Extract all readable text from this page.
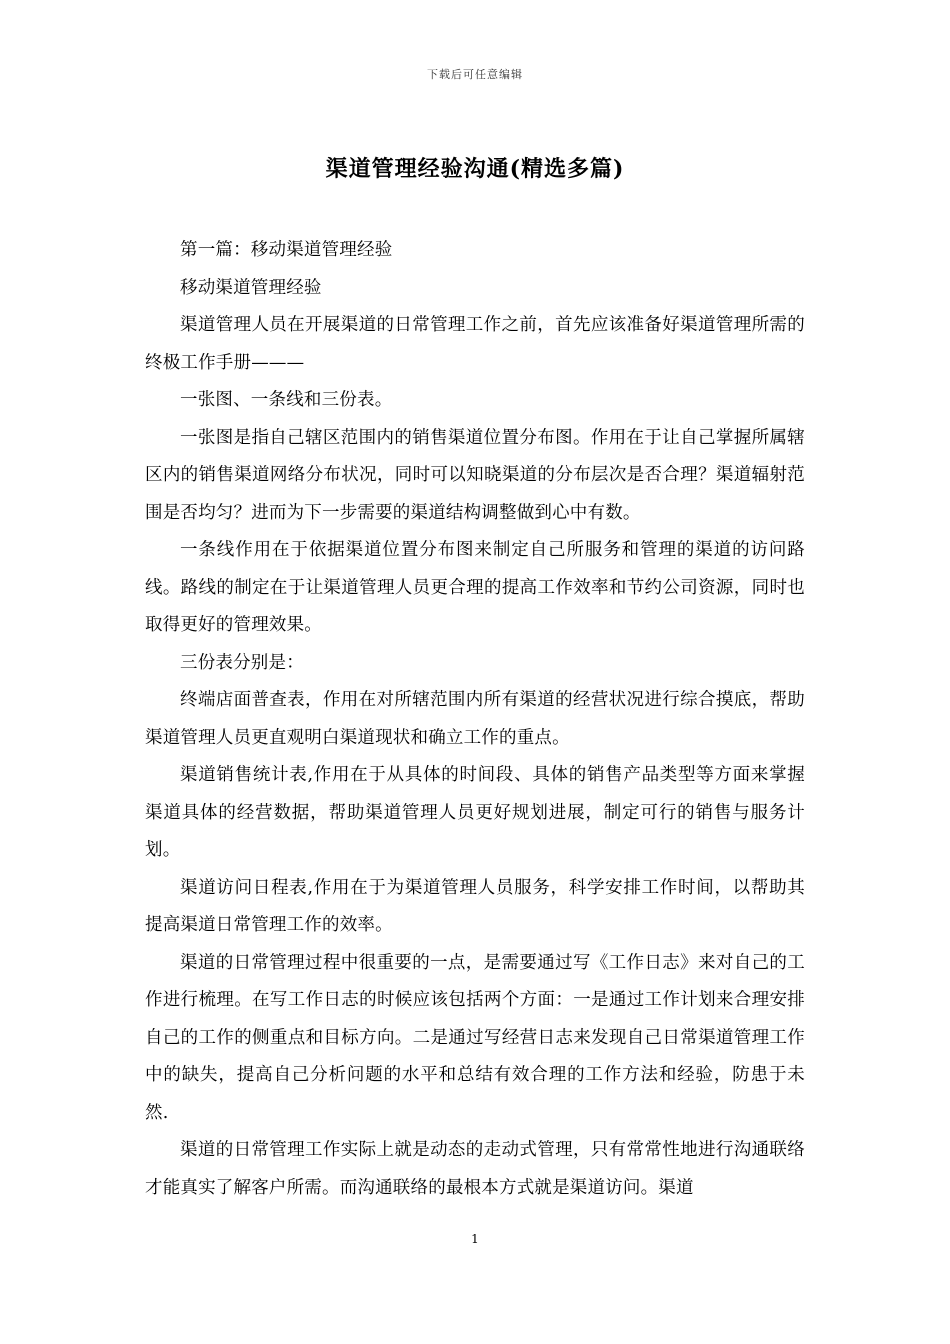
下载后可任意编辑
渠道管理经验沟通(精选多篇)

第一篇：移动渠道管理经验

移动渠道管理经验

渠道管理人员在开展渠道的日常管理工作之前，首先应该准备好渠道管理所需的终极工作手册———

一张图、一条线和三份表。

一张图是指自己辖区范围内的销售渠道位置分布图。作用在于让自己掌握所属辖区内的销售渠道网络分布状况，同时可以知晓渠道的分布层次是否合理？渠道辐射范围是否均匀？进而为下一步需要的渠道结构调整做到心中有数。

一条线作用在于依据渠道位置分布图来制定自己所服务和管理的渠道的访问路线。路线的制定在于让渠道管理人员更合理的提高工作效率和节约公司资源，同时也取得更好的管理效果。

三份表分别是：

终端店面普查表，作用在对所辖范围内所有渠道的经营状况进行综合摸底，帮助渠道管理人员更直观明白渠道现状和确立工作的重点。

渠道销售统计表,作用在于从具体的时间段、具体的销售产品类型等方面来掌握渠道具体的经营数据，帮助渠道管理人员更好规划进展，制定可行的销售与服务计划。

渠道访问日程表,作用在于为渠道管理人员服务，科学安排工作时间，以帮助其提高渠道日常管理工作的效率。

渠道的日常管理过程中很重要的一点，是需要通过写《工作日志》来对自己的工作进行梳理。在写工作日志的时候应该包括两个方面：一是通过工作计划来合理安排自己的工作的侧重点和目标方向。二是通过写经营日志来发现自己日常渠道管理工作中的缺失，提高自己分析问题的水平和总结有效合理的工作方法和经验，防患于未然.

渠道的日常管理工作实际上就是动态的走动式管理，只有常常性地进行沟通联络才能真实了解客户所需。而沟通联络的最根本方式就是渠道访问。渠道

1
